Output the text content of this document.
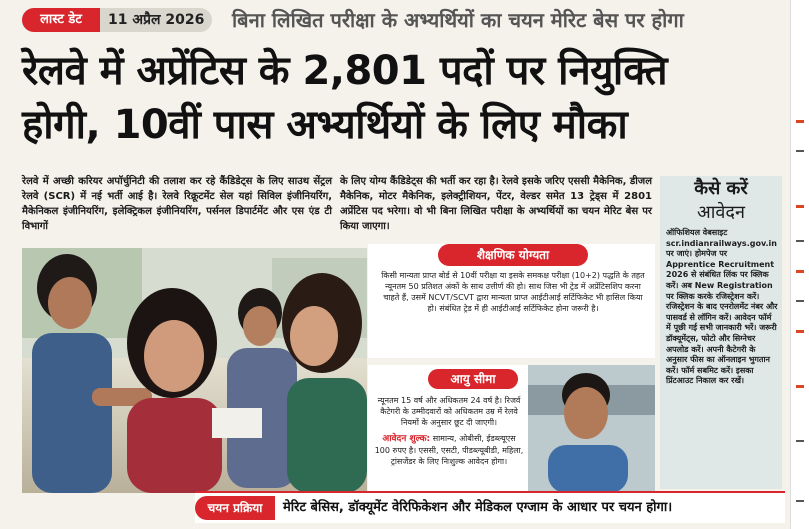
लास्ट डेट	11 अप्रैल 2026 बिना लिखित परीक्षा के अभ्यर्थियों का चयन मेरिट बेस पर होगा
रेलवे में अप्रेंटिस के 2,801 पदों पर नियुक्ति
होगी, 10वीं पास अभ्यर्थियों के लिए मौका
रेलवे में अच्छी करियर अपॉर्चुनिटी की तलाश कर रहे कैंडिडेट्स के लिए साउथ सेंट्रल रेलवे (SCR) में नई भर्ती आई है। रेलवे रिक्रूटमेंट सेल यहां सिविल इंजीनियरिंग, मैकेनिकल इंजीनियरिंग, इलेक्ट्रिकल इंजीनियरिंग, पर्सनल डिपार्टमेंट और एस एंड टी विभागों
के लिए योग्य कैंडिडेट्स की भर्ती कर रहा है। रेलवे इसके जरिए एससी मैकेनिक, डीजल मैकेनिक, मोटर मैकेनिक, इलेक्ट्रीशियन, पेंटर, वेल्डर समेत 13 ट्रेड्स में 2801 अप्रेंटिस पद भरेगा। वो भी बिना लिखित परीक्षा के अभ्यर्थियों का चयन मेरिट बेस पर किया जाएगा।
शैक्षणिक योग्यता
किसी मान्यता प्राप्त बोर्ड से 10वीं परीक्षा या इसके समकक्ष परीक्षा (10+2) पद्धति के तहत न्यूनतम 50 प्रतिशत अंकों के साथ उत्तीर्ण की हो। साथ जिस भी ट्रेड में अप्रेंटिसशिप करना चाहते हैं, उसमें NCVT/SCVT द्वारा मान्यता प्राप्त आईटीआई सर्टिफिकेट भी हासिल किया हो। संबंधित ट्रेड में ही आईटीआई सर्टिफिकेट होना जरूरी है।
आयु सीमा
न्यूनतम 15 वर्ष और अधिकतम 24 वर्ष है। रिजर्व कैटेगरी के उम्मीदवारों को अधिकतम उम्र में रेलवे नियमों के अनुसार छूट दी जाएगी।
आवेदन शुल्क: सामान्य, ओबीसी, ईडब्ल्यूएस 100 रुपए है। एससी, एसटी, पीडब्ल्यूबीडी, महिला, ट्रांसजेंडर के लिए निःशुल्क आवेदन होगा।
कैसे करें
आवेदन
ऑफिशियल वेबसाइट scr.indianrailways.gov.in पर जाएं। होमपेज पर Apprentice Recruitment 2026 से संबंधित लिंक पर क्लिक करें। अब New Registration पर क्लिक करके रजिस्ट्रेशन करें। रजिस्ट्रेशन के बाद एनरोलमेंट नंबर और पासवर्ड से लॉगिन करें। आवेदन फॉर्म में पूछी गई सभी जानकारी भरें। जरूरी डॉक्यूमेंट्स, फोटो और सिग्नेचर अपलोड करें। अपनी कैटेगरी के अनुसार फीस का ऑनलाइन भुगतान करें। फॉर्म सबमिट करें। इसका प्रिंटआउट निकाल कर रखें।
चयन प्रक्रिया	मेरिट बेसिस, डॉक्यूमेंट वेरिफिकेशन और मेडिकल एग्जाम के आधार पर चयन होगा।
